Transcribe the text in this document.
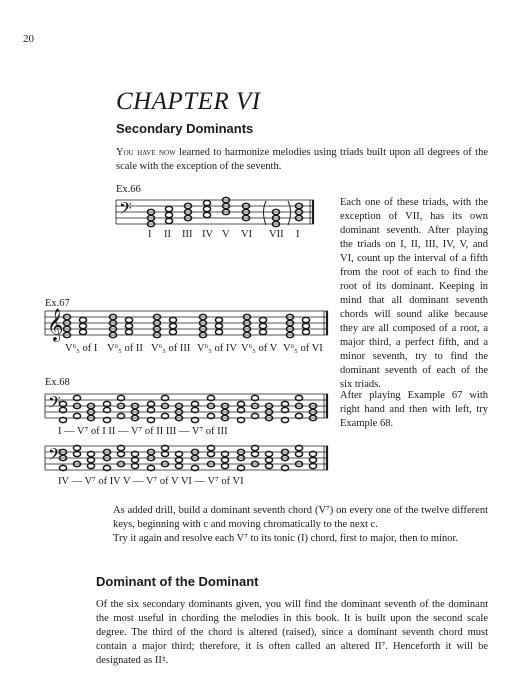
20
CHAPTER VI
Secondary Dominants
You have now learned to harmonize melodies using triads built upon all degrees of the scale with the exception of the seventh.
Ex.66
𝄢
I II III IV V VI VII I
Ex.67
𝄞
V⁶₅ of I V⁶₅ of II V⁶₅ of III V⁶₅ of IV V⁶₅ of V V⁶₅ of VI
Each one of these triads, with the exception of VII, has its own dominant seventh. After playing the triads on I, II, III, IV, V, and VI, count up the interval of a fifth from the root of each to find the root of its dominant. Keeping in mind that all dominant seventh chords will sound alike because they are all composed of a root, a major third, a perfect fifth, and a minor seventh, try to find the dominant seventh of each of the six triads.
After playing Example 67 with right hand and then with left, try Example 68.
Ex.68
𝄢
I — V⁷ of I II — V⁷ of II III — V⁷ of III
𝄢
IV — V⁷ of IV V — V⁷ of V VI — V⁷ of VI
As added drill, build a dominant seventh chord (V⁷) on every one of the twelve different keys, beginning with c and moving chromatically to the next c.
Try it again and resolve each V⁷ to its tonic (I) chord, first to major, then to minor.
Dominant of the Dominant
Of the six secondary dominants given, you will find the dominant seventh of the dominant the most useful in chording the melodies in this book. It is built upon the second scale degree. The third of the chord is altered (raised), since a dominant seventh chord must contain a major third; therefore, it is often called an altered II⁷. Henceforth it will be designated as II♮.
